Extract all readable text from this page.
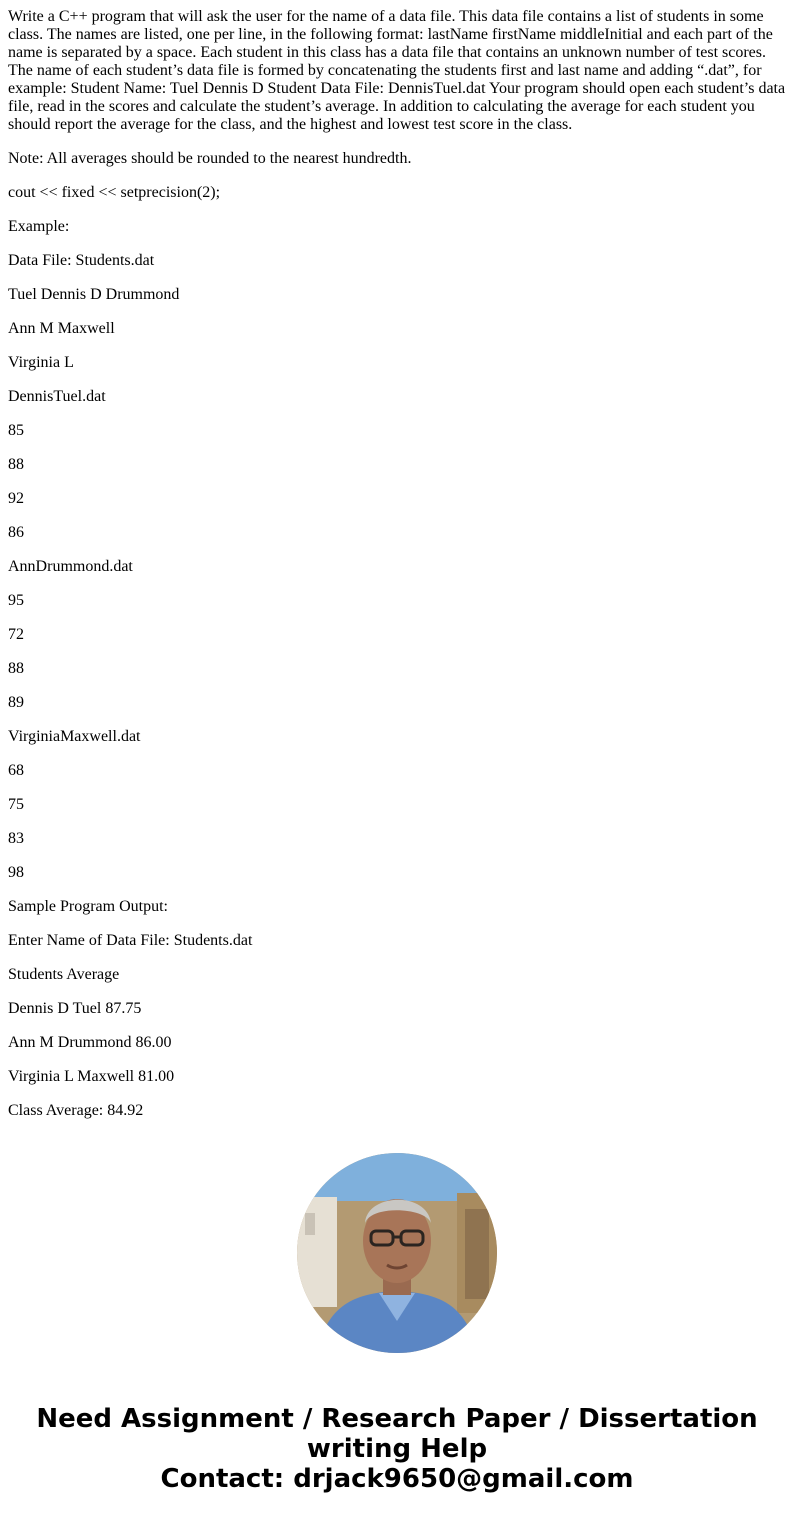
Write a C++ program that will ask the user for the name of a data file. This data file contains a list of students in some class. The names are listed, one per line, in the following format: lastName firstName middleInitial and each part of the name is separated by a space. Each student in this class has a data file that contains an unknown number of test scores. The name of each student’s data file is formed by concatenating the students first and last name and adding “.dat”, for example: Student Name: Tuel Dennis D Student Data File: DennisTuel.dat Your program should open each student’s data file, read in the scores and calculate the student’s average. In addition to calculating the average for each student you should report the average for the class, and the highest and lowest test score in the class.

Note: All averages should be rounded to the nearest hundredth.

cout << fixed << setprecision(2);

Example:

Data File: Students.dat

Tuel Dennis D Drummond

Ann M Maxwell

Virginia L

DennisTuel.dat

85

88

92

86

AnnDrummond.dat

95

72

88

89

VirginiaMaxwell.dat

68

75

83

98

Sample Program Output:

Enter Name of Data File: Students.dat

Students Average

Dennis D Tuel 87.75

Ann M Drummond 86.00

Virginia L Maxwell 81.00

Class Average: 84.92

Need Assignment / Research Paper / Dissertation
writing Help
Contact: drjack9650@gmail.com
